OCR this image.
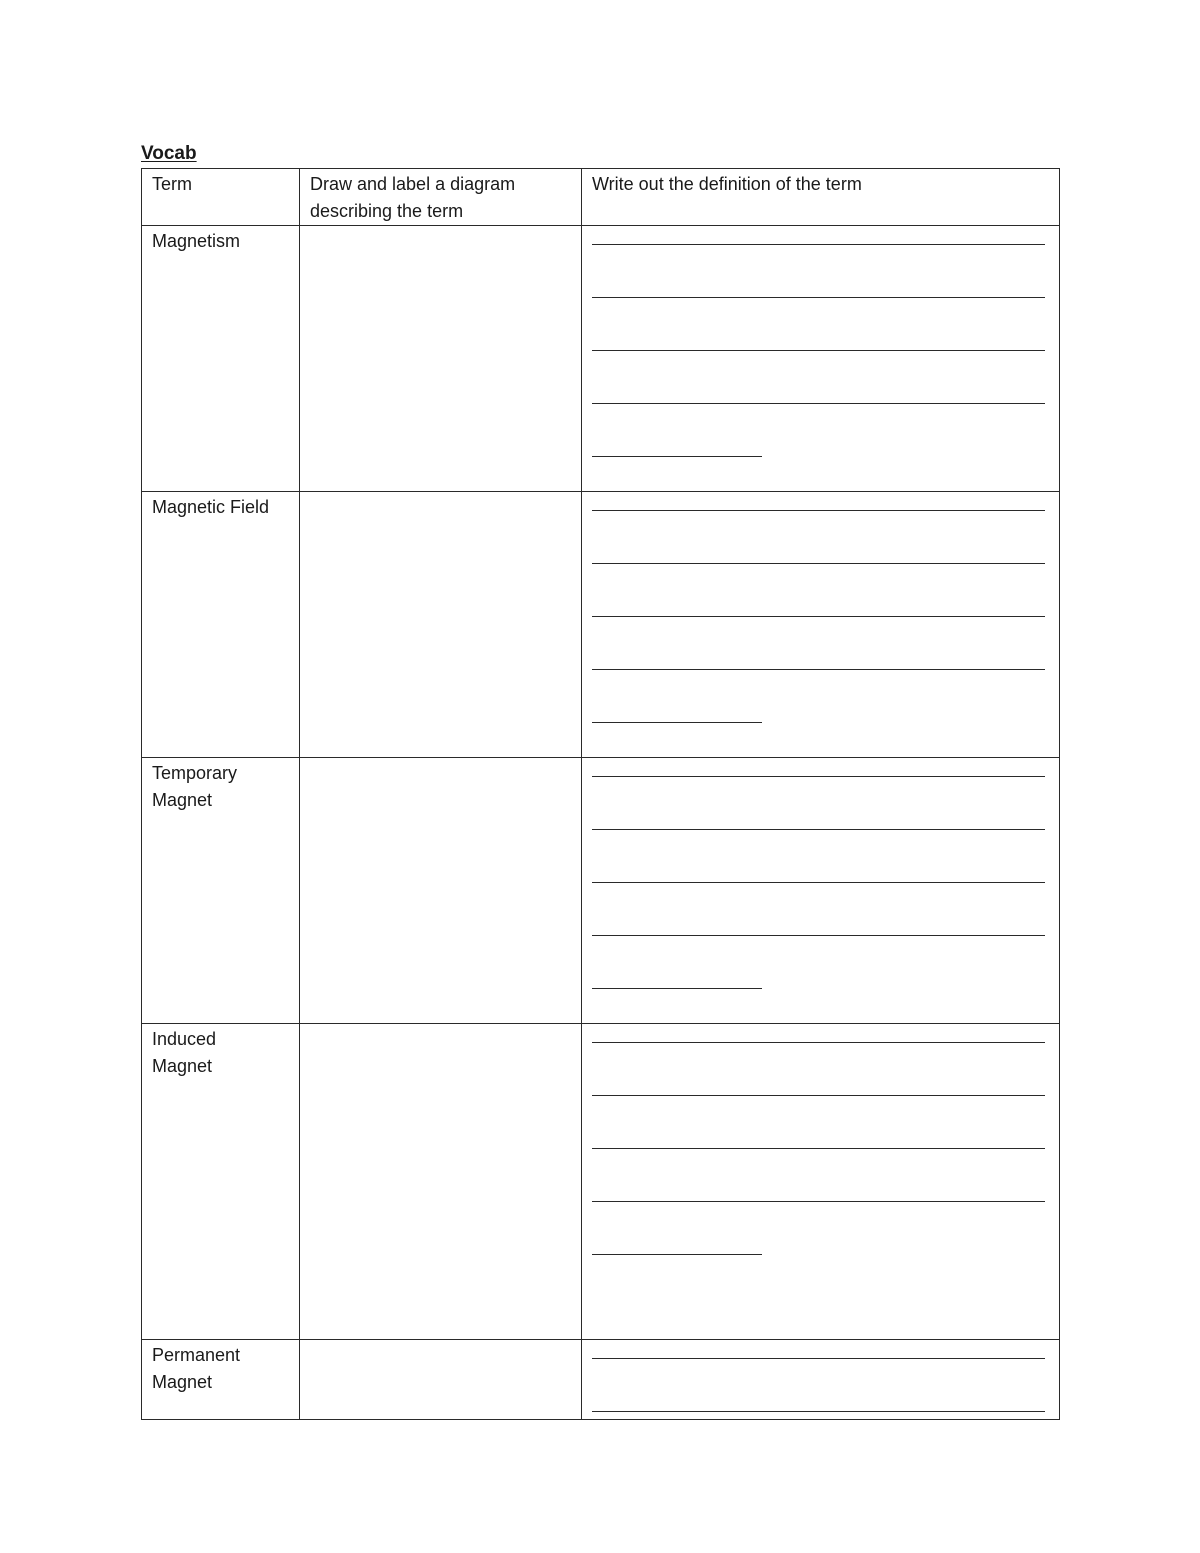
Vocab
Term	Draw and label a diagram describing the term	Write out the definition of the term

Magnetism		

Magnetic Field		

Temporary Magnet		

Induced Magnet		

Permanent Magnet		
